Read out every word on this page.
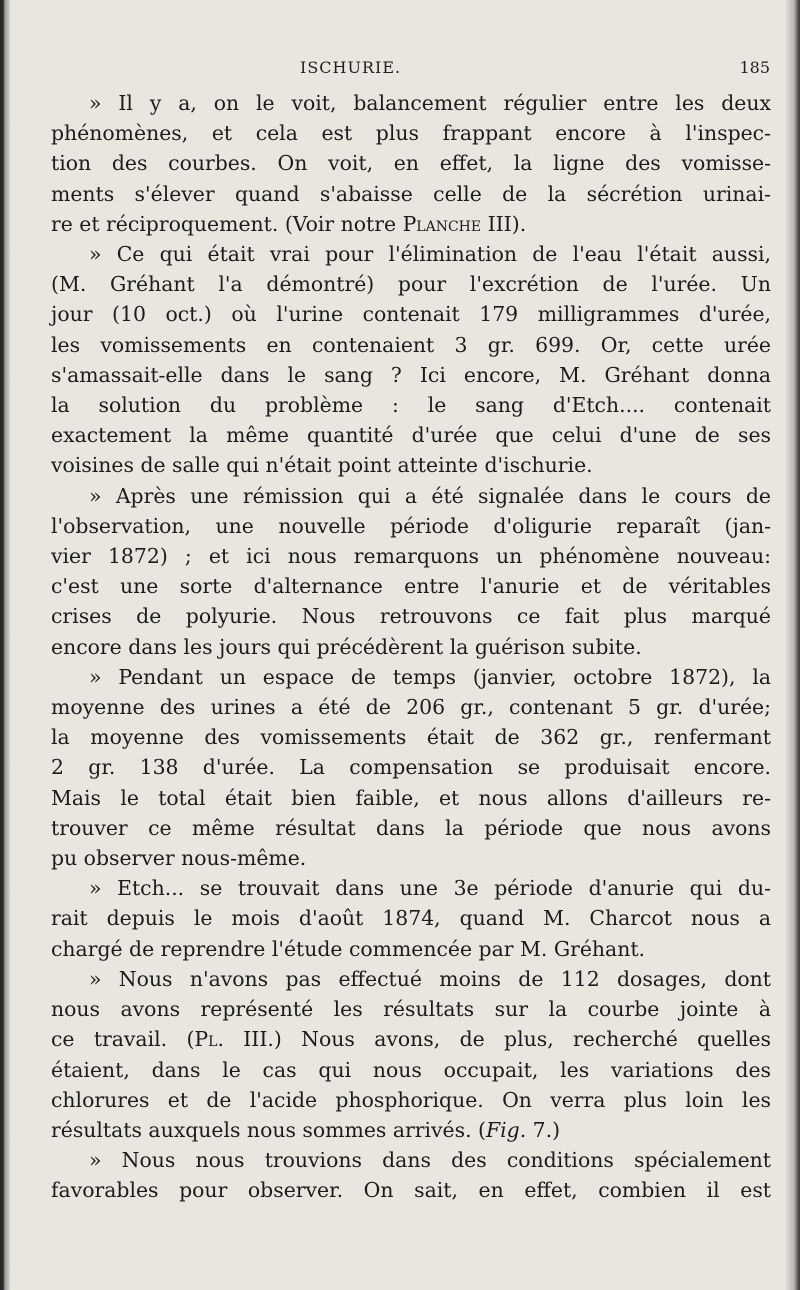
ISCHURIE.	185
» Il y a, on le voit, balancement régulier entre les deux
phénomènes, et cela est plus frappant encore à l'inspec-
tion des courbes. On voit, en effet, la ligne des vomisse-
ments s'élever quand s'abaisse celle de la sécrétion urinai-
re et réciproquement. (Voir notre Planche III).
» Ce qui était vrai pour l'élimination de l'eau l'était aussi,
(M. Gréhant l'a démontré) pour l'excrétion de l'urée. Un
jour (10 oct.) où l'urine contenait 179 milligrammes d'urée,
les vomissements en contenaient 3 gr. 699. Or, cette urée
s'amassait-elle dans le sang ? Ici encore, M. Gréhant donna
la solution du problème : le sang d'Etch.... contenait
exactement la même quantité d'urée que celui d'une de ses
voisines de salle qui n'était point atteinte d'ischurie.
» Après une rémission qui a été signalée dans le cours de
l'observation, une nouvelle période d'oligurie reparaît (jan-
vier 1872) ; et ici nous remarquons un phénomène nouveau:
c'est une sorte d'alternance entre l'anurie et de véritables
crises de polyurie. Nous retrouvons ce fait plus marqué
encore dans les jours qui précédèrent la guérison subite.
» Pendant un espace de temps (janvier, octobre 1872), la
moyenne des urines a été de 206 gr., contenant 5 gr. d'urée;
la moyenne des vomissements était de 362 gr., renfermant
2 gr. 138 d'urée. La compensation se produisait encore.
Mais le total était bien faible, et nous allons d'ailleurs re-
trouver ce même résultat dans la période que nous avons
pu observer nous-même.
» Etch... se trouvait dans une 3e période d'anurie qui du-
rait depuis le mois d'août 1874, quand M. Charcot nous a
chargé de reprendre l'étude commencée par M. Gréhant.
» Nous n'avons pas effectué moins de 112 dosages, dont
nous avons représenté les résultats sur la courbe jointe à
ce travail. (Pl. III.) Nous avons, de plus, recherché quelles
étaient, dans le cas qui nous occupait, les variations des
chlorures et de l'acide phosphorique. On verra plus loin les
résultats auxquels nous sommes arrivés. (Fig. 7.)
» Nous nous trouvions dans des conditions spécialement
favorables pour observer. On sait, en effet, combien il est
